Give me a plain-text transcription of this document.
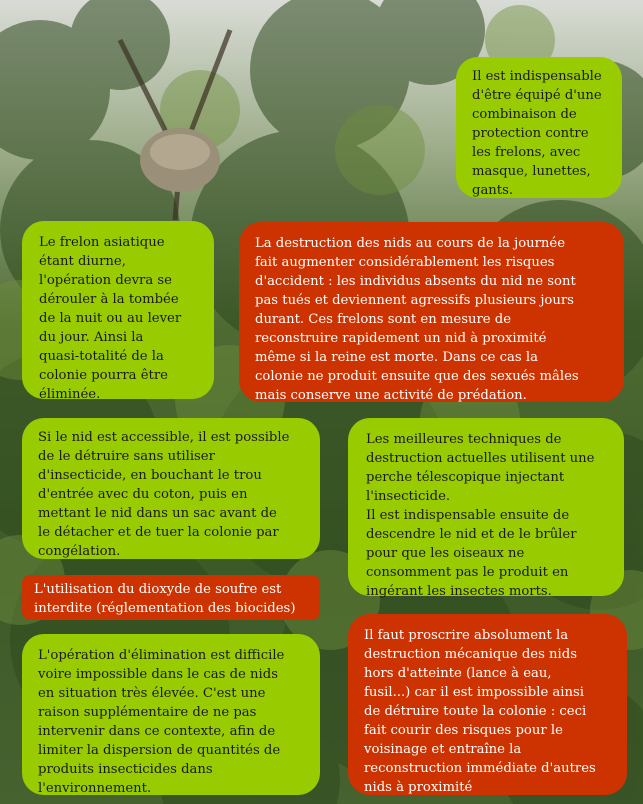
Il est indispensable
d'être équipé d'une
combinaison de
protection contre
les frelons, avec
masque, lunettes,
gants.

Le frelon asiatique
étant diurne,
l'opération devra se
dérouler à la tombée
de la nuit ou au lever
du jour. Ainsi la
quasi-totalité de la
colonie pourra être
éliminée.

La destruction des nids au cours de la journée
fait augmenter considérablement les risques
d'accident : les individus absents du nid ne sont
pas tués et deviennent agressifs plusieurs jours
durant. Ces frelons sont en mesure de
reconstruire rapidement un nid à proximité
même si la reine est morte. Dans ce cas la
colonie ne produit ensuite que des sexués mâles
mais conserve une activité de prédation.

Si le nid est accessible, il est possible
de le détruire sans utiliser
d'insecticide, en bouchant le trou
d'entrée avec du coton, puis en
mettant le nid dans un sac avant de
le détacher et de tuer la colonie par
congélation.

Les meilleures techniques de
destruction actuelles utilisent une
perche télescopique injectant
l'insecticide.
Il est indispensable ensuite de
descendre le nid et de le brûler
pour que les oiseaux ne
consomment pas le produit en
ingérant les insectes morts.

L'utilisation du dioxyde de soufre est
interdite (réglementation des biocides)

L'opération d'élimination est difficile
voire impossible dans le cas de nids
en situation très élevée. C'est une
raison supplémentaire de ne pas
intervenir dans ce contexte, afin de
limiter la dispersion de quantités de
produits insecticides dans
l'environnement.

Il faut proscrire absolument la
destruction mécanique des nids
hors d'atteinte (lance à eau,
fusil...) car il est impossible ainsi
de détruire toute la colonie : ceci
fait courir des risques pour le
voisinage et entraîne la
reconstruction immédiate d'autres
nids à proximité
